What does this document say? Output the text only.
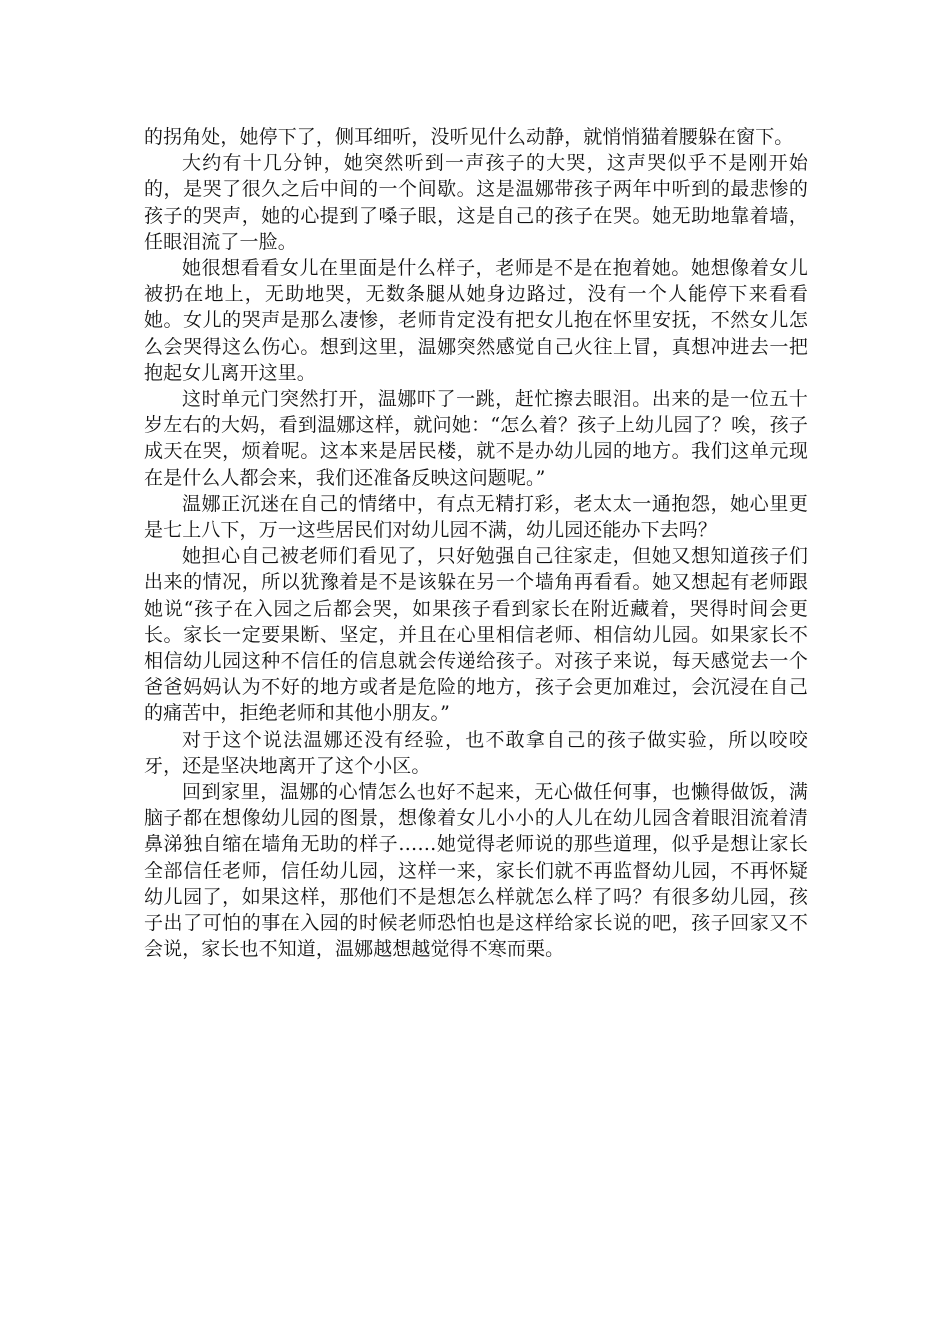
的拐角处，她停下了，侧耳细听，没听见什么动静，就悄悄猫着腰躲在窗下。

大约有十几分钟，她突然听到一声孩子的大哭，这声哭似乎不是刚开始的，是哭了很久之后中间的一个间歇。这是温娜带孩子两年中听到的最悲惨的孩子的哭声，她的心提到了嗓子眼，这是自己的孩子在哭。她无助地靠着墙，任眼泪流了一脸。

她很想看看女儿在里面是什么样子，老师是不是在抱着她。她想像着女儿被扔在地上，无助地哭，无数条腿从她身边路过，没有一个人能停下来看看她。女儿的哭声是那么凄惨，老师肯定没有把女儿抱在怀里安抚，不然女儿怎么会哭得这么伤心。想到这里，温娜突然感觉自己火往上冒，真想冲进去一把抱起女儿离开这里。

这时单元门突然打开，温娜吓了一跳，赶忙擦去眼泪。出来的是一位五十岁左右的大妈，看到温娜这样，就问她：“怎么着？孩子上幼儿园了？唉，孩子成天在哭，烦着呢。这本来是居民楼，就不是办幼儿园的地方。我们这单元现在是什么人都会来，我们还准备反映这问题呢。”

温娜正沉迷在自己的情绪中，有点无精打彩，老太太一通抱怨，她心里更是七上八下，万一这些居民们对幼儿园不满，幼儿园还能办下去吗？

她担心自己被老师们看见了，只好勉强自己往家走，但她又想知道孩子们出来的情况，所以犹豫着是不是该躲在另一个墙角再看看。她又想起有老师跟她说“孩子在入园之后都会哭，如果孩子看到家长在附近藏着，哭得时间会更长。家长一定要果断、坚定，并且在心里相信老师、相信幼儿园。如果家长不相信幼儿园这种不信任的信息就会传递给孩子。对孩子来说，每天感觉去一个爸爸妈妈认为不好的地方或者是危险的地方，孩子会更加难过，会沉浸在自己的痛苦中，拒绝老师和其他小朋友。”

对于这个说法温娜还没有经验，也不敢拿自己的孩子做实验，所以咬咬牙，还是坚决地离开了这个小区。

回到家里，温娜的心情怎么也好不起来，无心做任何事，也懒得做饭，满脑子都在想像幼儿园的图景，想像着女儿小小的人儿在幼儿园含着眼泪流着清鼻涕独自缩在墙角无助的样子……她觉得老师说的那些道理，似乎是想让家长全部信任老师，信任幼儿园，这样一来，家长们就不再监督幼儿园，不再怀疑幼儿园了，如果这样，那他们不是想怎么样就怎么样了吗？有很多幼儿园，孩子出了可怕的事在入园的时候老师恐怕也是这样给家长说的吧，孩子回家又不会说，家长也不知道，温娜越想越觉得不寒而栗。
